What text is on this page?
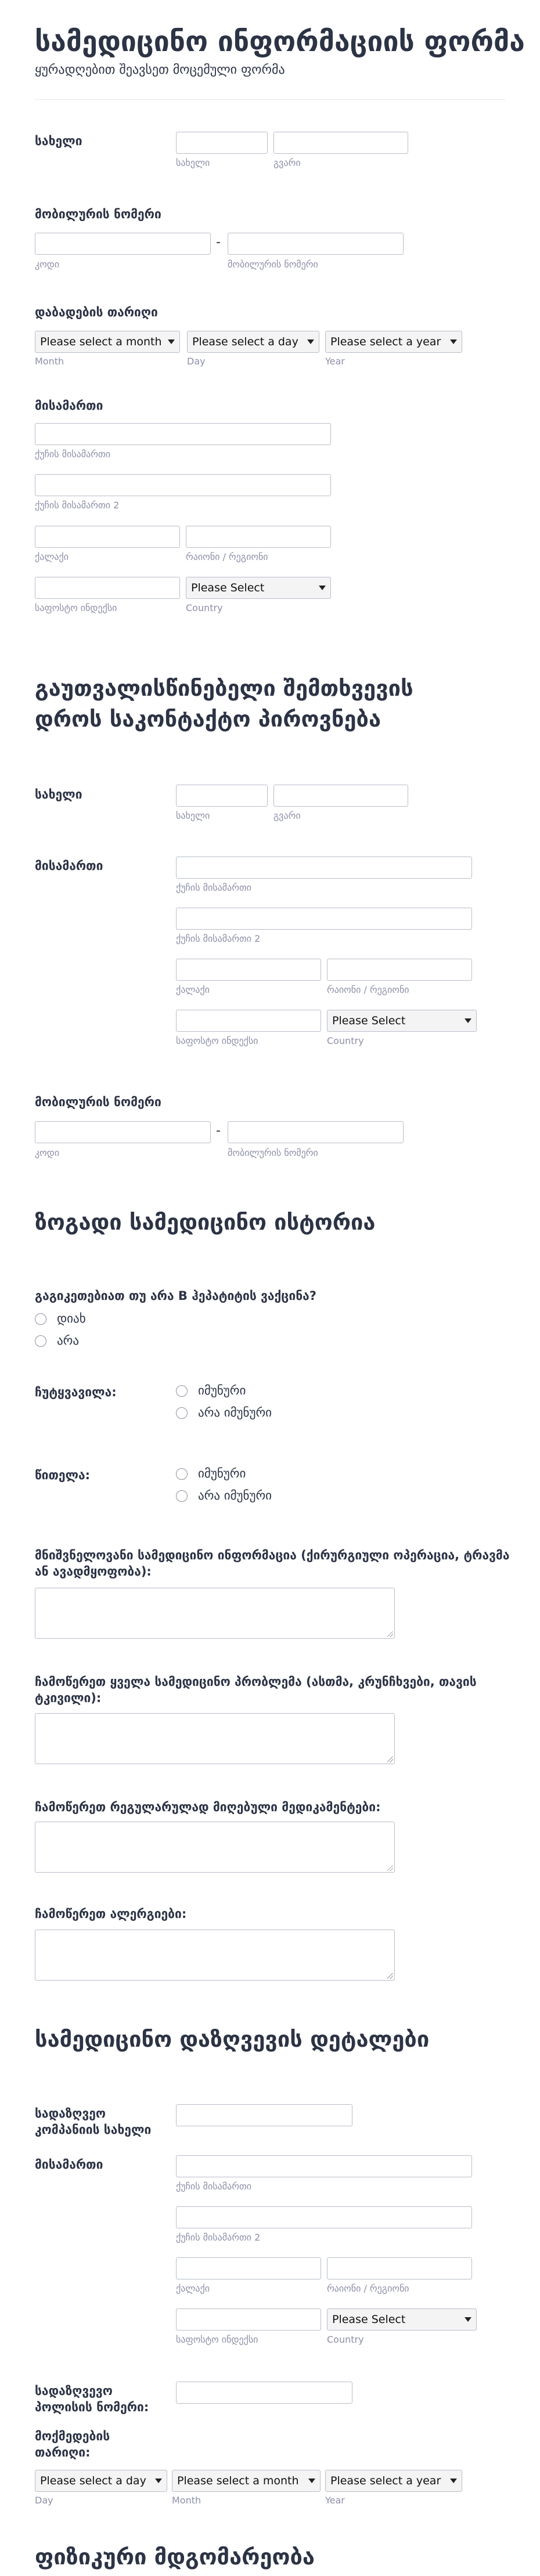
სამედიცინო ინფორმაციის ფორმა
ყურადღებით შეავსეთ მოცემული ფორმა
სახელი
სახელი	გვარი
მობილურის ნომერი
-
კოდი	მობილურის ნომერი
დაბადების თარიღი
Please select a month
Month
Please select a day
Day
Please select a year
Year
მისამართი
ქუჩის მისამართი
ქუჩის მისამართი 2
ქალაქი	რაიონი / რეგიონი
საფოსტო ინდექსი
Please Select
Country
გაუთვალისწინებელი შემთხვევის დროს საკონტაქტო პიროვნება
სახელი
სახელი	გვარი
მისამართი
ქუჩის მისამართი
ქუჩის მისამართი 2
ქალაქი	რაიონი / რეგიონი
საფოსტო ინდექსი
Please Select
Country
მობილურის ნომერი
-
კოდი	მობილურის ნომერი
ზოგადი სამედიცინო ისტორია
გაგიკეთებიათ თუ არა B ჰეპატიტის ვაქცინა?
დიახ
არა
ჩუტყვავილა:	იმუნური
არა იმუნური
წითელა:	იმუნური
არა იმუნური
მნიშვნელოვანი სამედიცინო ინფორმაცია (ქირურგიული ოპერაცია, ტრავმა ან ავადმყოფობა):
ჩამოწერეთ ყველა სამედიცინო პრობლემა (ასთმა, კრუნჩხვები, თავის ტკივილი):
ჩამოწერეთ რეგულარულად მიღებული მედიკამენტები:
ჩამოწერეთ ალერგიები:
სამედიცინო დაზღვევის დეტალები
სადაზღვეო კომპანიის სახელი
მისამართი
ქუჩის მისამართი
ქუჩის მისამართი 2
ქალაქი	რაიონი / რეგიონი
საფოსტო ინდექსი
Please Select
Country
სადაზღვევო პოლისის ნომერი:
მოქმედების თარიღი:
Please select a day
Day
Please select a month
Month
Please select a year
Year
ფიზიკური მდგომარეობა
